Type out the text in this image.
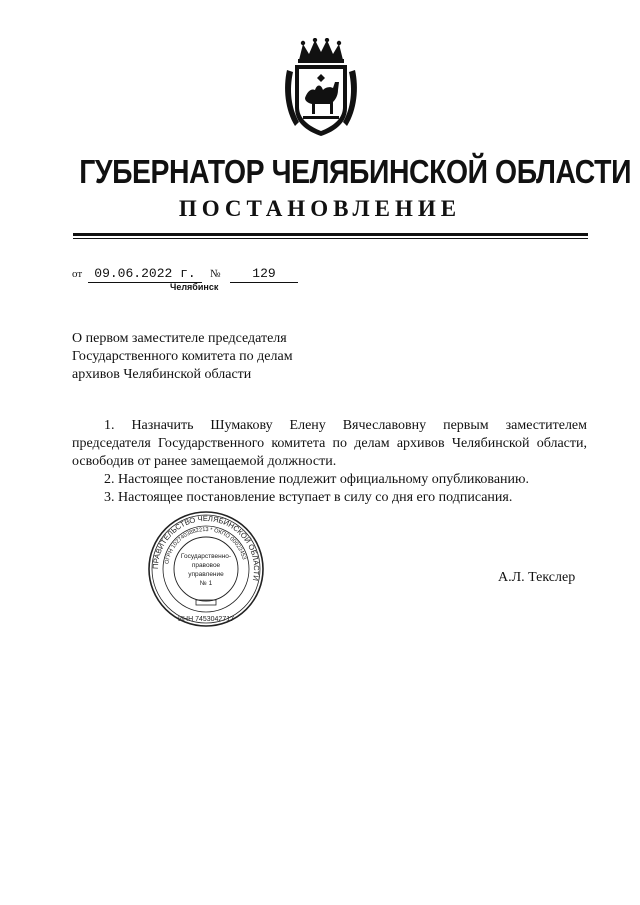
ГУБЕРНАТОР ЧЕЛЯБИНСКОЙ ОБЛАСТИ
ПОСТАНОВЛЕНИЕ
от 09.06.2022 г.	№	129
Челябинск
О первом заместителе председателя
Государственного комитета по делам
архивов Челябинской области
1. Назначить Шумакову Елену Вячеславовну первым заместителем председателя Государственного комитета по делам архивов Челябинской области, освободив от ранее замещаемой должности.
2. Настоящее постановление подлежит официальному опубликованию.
3. Настоящее постановление вступает в силу со дня его подписания.
ПРАВИТЕЛЬСТВО ЧЕЛЯБИНСКОЙ ОБЛАСТИ
ОГРН 1027403882213 * ОКПО 00022453
Государственно-
правовое
управление
№ 1
ИНН 7453042717
А.Л. Текслер
